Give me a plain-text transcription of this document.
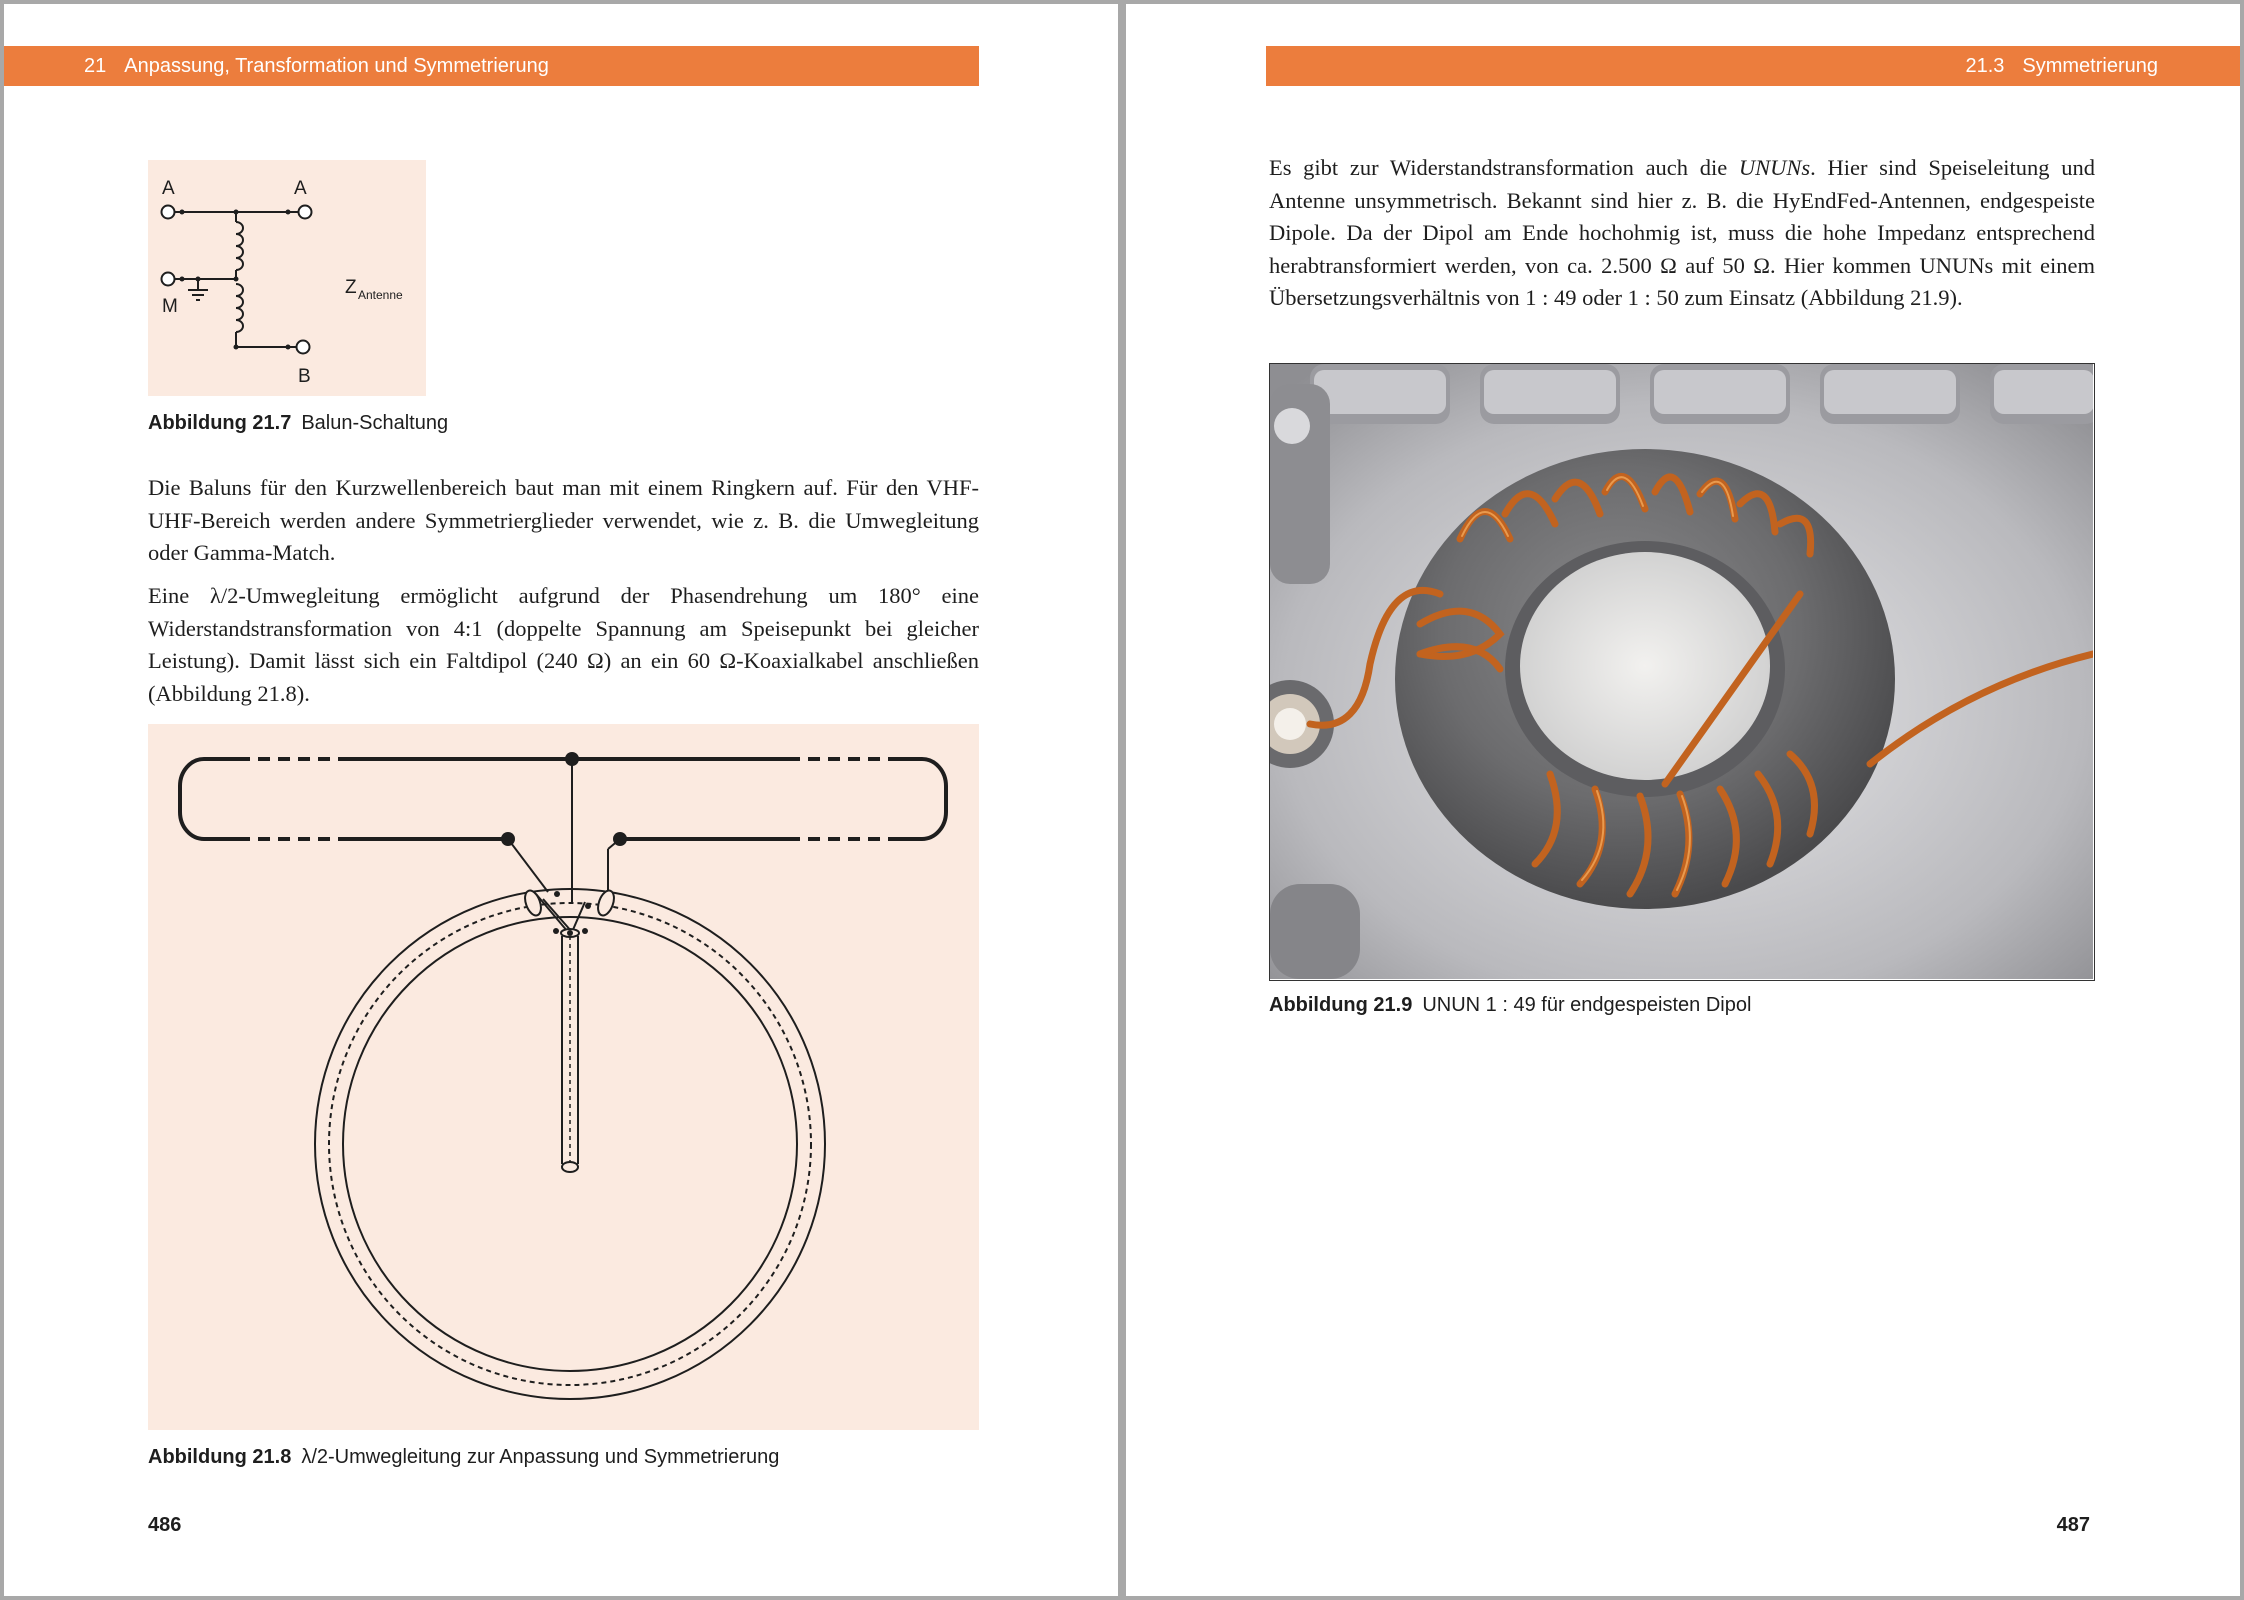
21 Anpassung, Transformation und Symmetrierung
A	A
M
B
Z Antenne

Abbildung 21.7 Balun-Schaltung

Die Baluns für den Kurzwellenbereich baut man mit einem Ringkern auf. Für den VHF-UHF-Bereich werden andere Symmetrierglieder verwendet, wie z. B. die Umwegleitung oder Gamma-Match.

Eine λ/2-Umwegleitung ermöglicht aufgrund der Phasendrehung um 180° eine Widerstandstransformation von 4:1 (doppelte Spannung am Speisepunkt bei gleicher Leistung). Damit lässt sich ein Faltdipol (240 Ω) an ein 60 Ω-Koaxialkabel anschließen (Abbildung 21.8).

Abbildung 21.8 λ/2-Umwegleitung zur Anpassung und Symmetrierung

486
21.3 Symmetrierung

Es gibt zur Widerstandstransformation auch die UNUNs. Hier sind Speiseleitung und Antenne unsymmetrisch. Bekannt sind hier z. B. die HyEndFed-Antennen, endgespeiste Dipole. Da der Dipol am Ende hochohmig ist, muss die hohe Impedanz entsprechend herabtransformiert werden, von ca. 2.500 Ω auf 50 Ω. Hier kommen UNUNs mit einem Übersetzungsverhältnis von 1 : 49 oder 1 : 50 zum Einsatz (Abbildung 21.9).

Abbildung 21.9 UNUN 1 : 49 für endgespeisten Dipol

487
